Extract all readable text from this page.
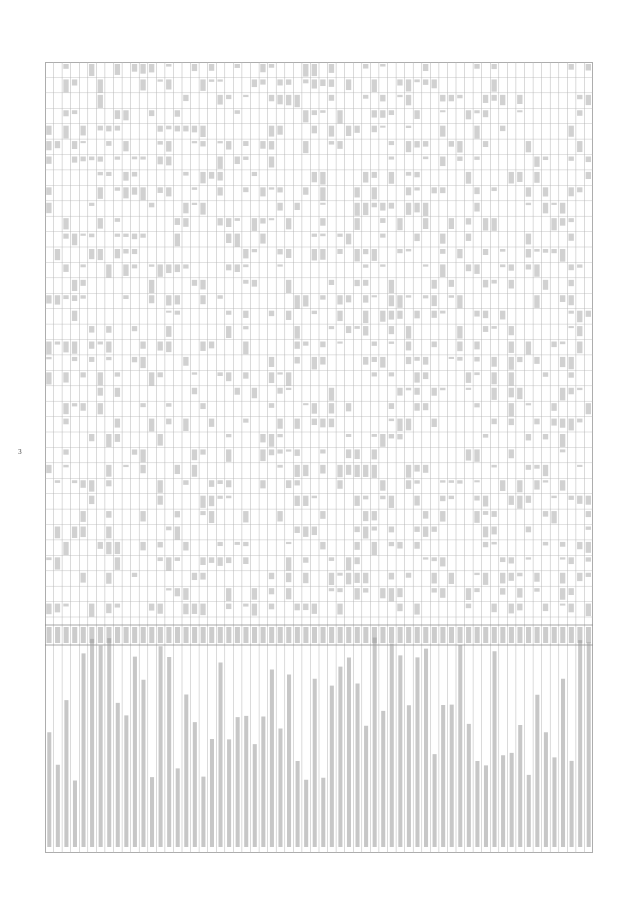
3
